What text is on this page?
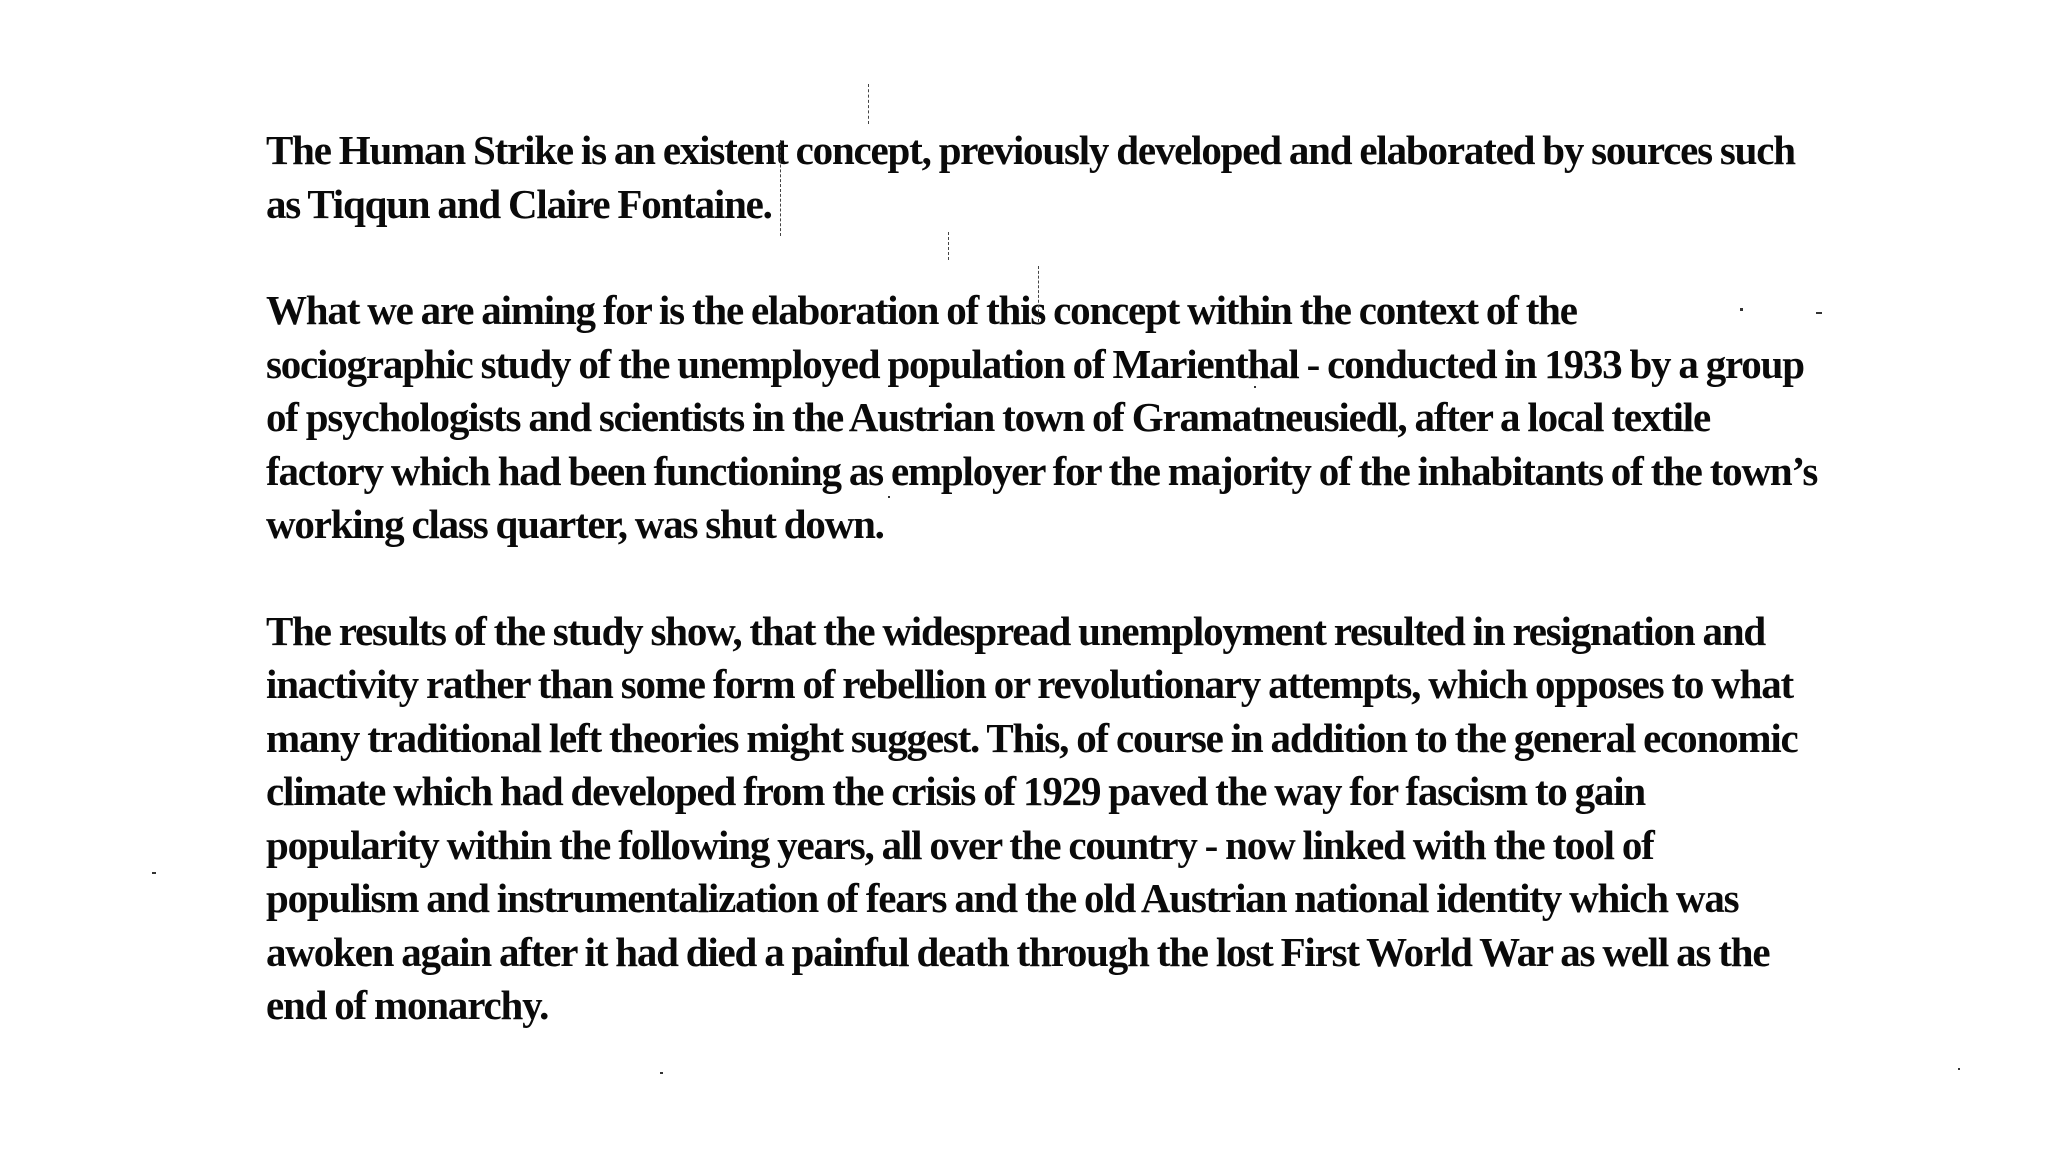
The Human Strike is an existent concept, previously developed and elaborated by sources such
as Tiqqun and Claire Fontaine.

What we are aiming for is the elaboration of this concept within the context of the
sociographic study of the unemployed population of Marienthal - conducted in 1933 by a group
of psychologists and scientists in the Austrian town of Gramatneusiedl, after a local textile
factory which had been functioning as employer for the majority of the inhabitants of the town’s
working class quarter, was shut down.

The results of the study show, that the widespread unemployment resulted in resignation and
inactivity rather than some form of rebellion or revolutionary attempts, which opposes to what
many traditional left theories might suggest. This, of course in addition to the general economic
climate which had developed from the crisis of 1929 paved the way for fascism to gain
popularity within the following years, all over the country - now linked with the tool of
populism and instrumentalization of fears and the old Austrian national identity which was
awoken again after it had died a painful death through the lost First World War as well as the
end of monarchy.
